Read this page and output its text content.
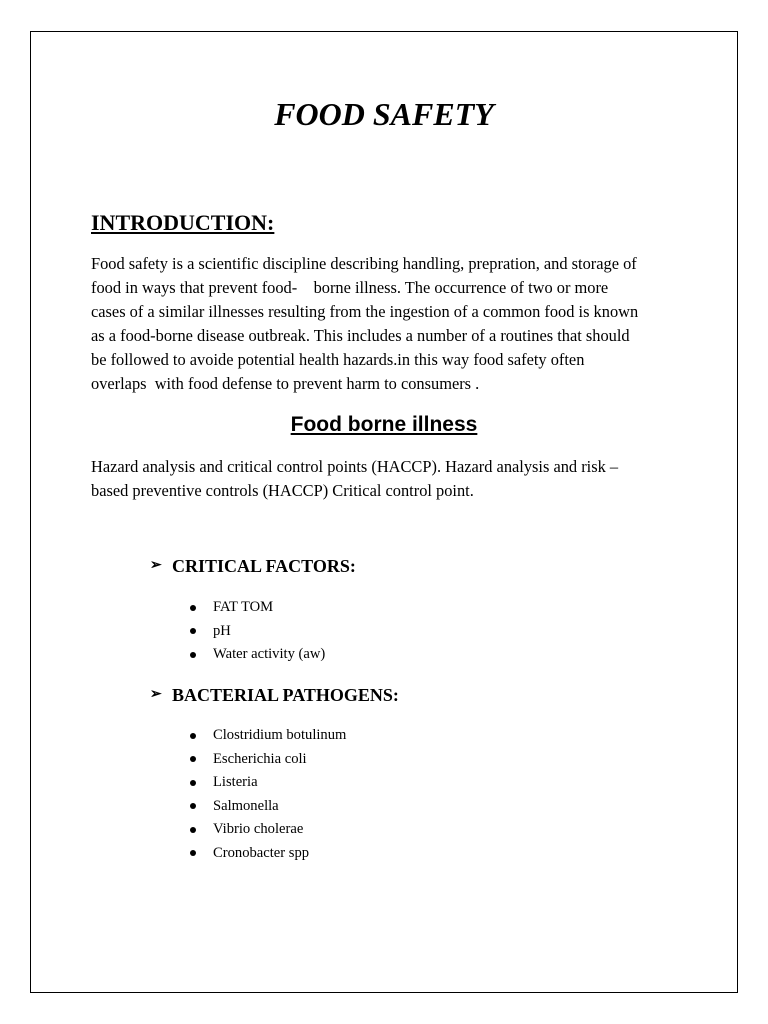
FOOD SAFETY
INTRODUCTION:

Food safety is a scientific discipline describing handling, prepration, and storage of
food in ways that prevent food-    borne illness. The occurrence of two or more
cases of a similar illnesses resulting from the ingestion of a common food is known
as a food-borne disease outbreak. This includes a number of a routines that should
be followed to avoide potential health hazards.in this way food safety often
overlaps  with food defense to prevent harm to consumers .

Food borne illness

Hazard analysis and critical control points (HACCP). Hazard analysis and risk –
based preventive controls (HACCP) Critical control point.

➢ CRITICAL FACTORS:
FAT TOM
pH
Water activity (aw)
➢ BACTERIAL PATHOGENS:
Clostridium botulinum
Escherichia coli
Listeria
Salmonella
Vibrio cholerae
Cronobacter spp
